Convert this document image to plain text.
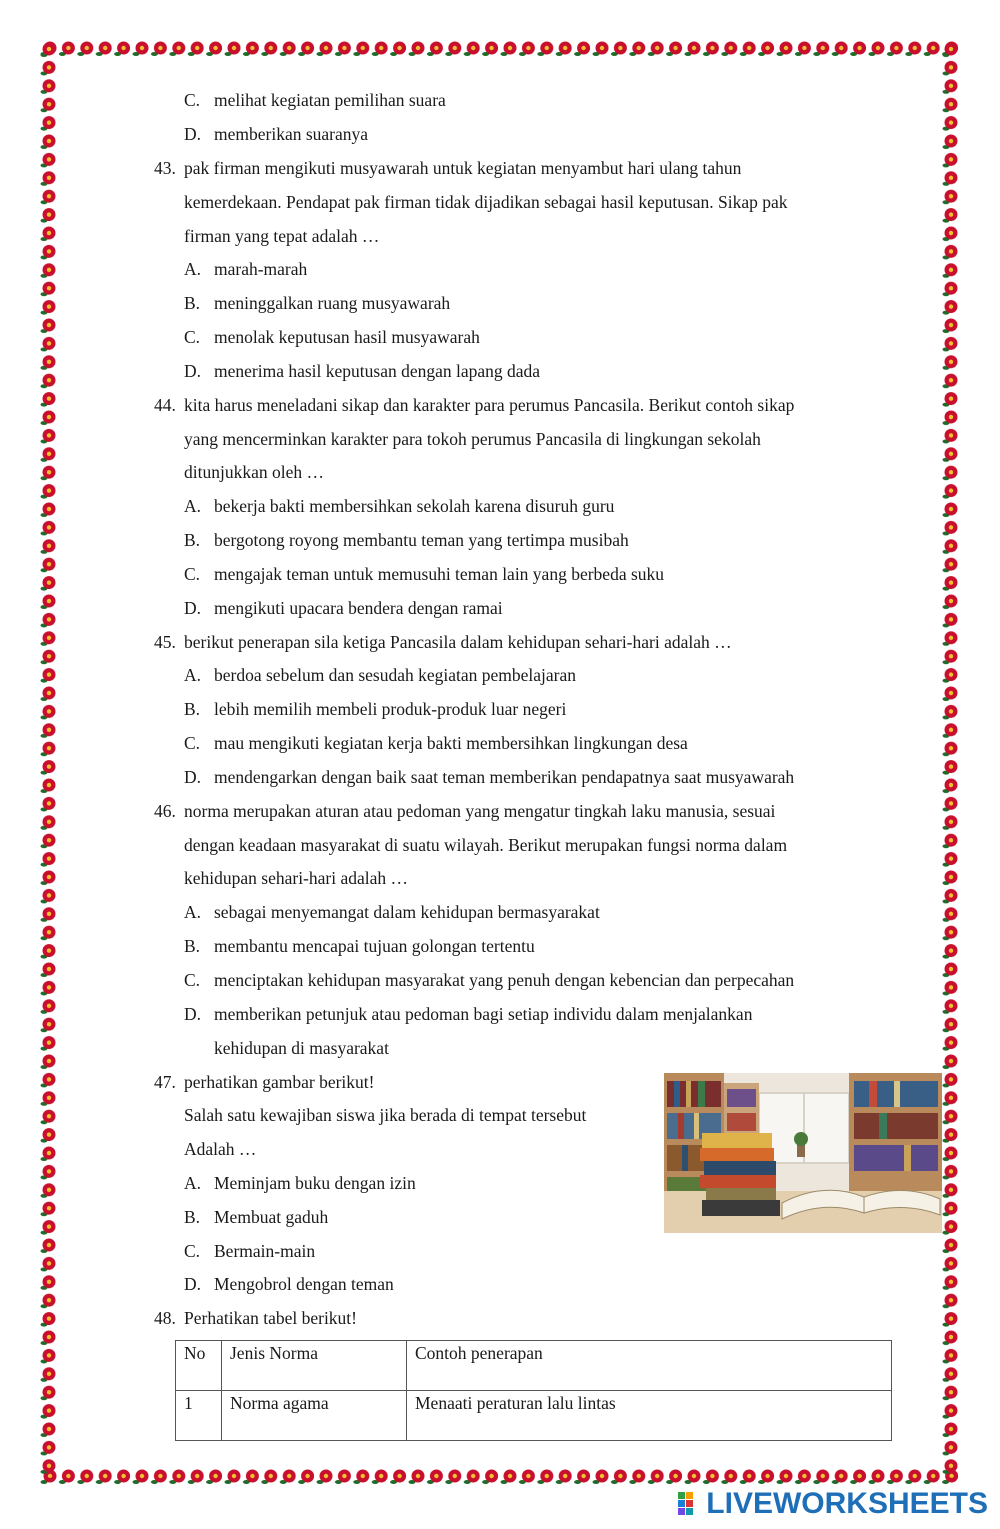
C. melihat kegiatan pemilihan suara
D. memberikan suaranya
43. pak firman mengikuti musyawarah untuk kegiatan menyambut hari ulang tahun
kemerdekaan. Pendapat pak firman tidak dijadikan sebagai hasil keputusan. Sikap pak
firman yang tepat adalah …
A. marah-marah
B. meninggalkan ruang musyawarah
C. menolak keputusan hasil musyawarah
D. menerima hasil keputusan dengan lapang dada
44. kita harus meneladani sikap dan karakter para perumus Pancasila. Berikut contoh sikap
yang mencerminkan karakter para tokoh perumus Pancasila di lingkungan sekolah
ditunjukkan oleh …
A. bekerja bakti membersihkan sekolah karena disuruh guru
B. bergotong royong membantu teman yang tertimpa musibah
C. mengajak teman untuk memusuhi teman lain yang berbeda suku
D. mengikuti upacara bendera dengan ramai
45. berikut penerapan sila ketiga Pancasila dalam kehidupan sehari-hari adalah …
A. berdoa sebelum dan sesudah kegiatan pembelajaran
B. lebih memilih membeli produk-produk luar negeri
C. mau mengikuti kegiatan kerja bakti membersihkan lingkungan desa
D. mendengarkan dengan baik saat teman memberikan pendapatnya saat musyawarah
46. norma merupakan aturan atau pedoman yang mengatur tingkah laku manusia, sesuai
dengan keadaan masyarakat di suatu wilayah. Berikut merupakan fungsi norma dalam
kehidupan sehari-hari adalah …
A. sebagai menyemangat dalam kehidupan bermasyarakat
B. membantu mencapai tujuan golongan tertentu
C. menciptakan kehidupan masyarakat yang penuh dengan kebencian dan perpecahan
D. memberikan petunjuk atau pedoman bagi setiap individu dalam menjalankan
kehidupan di masyarakat
47. perhatikan gambar berikut!
Salah satu kewajiban siswa jika berada di tempat tersebut
Adalah …
A. Meminjam buku dengan izin
B. Membuat gaduh
C. Bermain-main
D. Mengobrol dengan teman
48. Perhatikan tabel berikut!
No	Jenis Norma	Contoh penerapan
1	Norma agama	Menaati peraturan lalu lintas
LIVEWORKSHEETS
